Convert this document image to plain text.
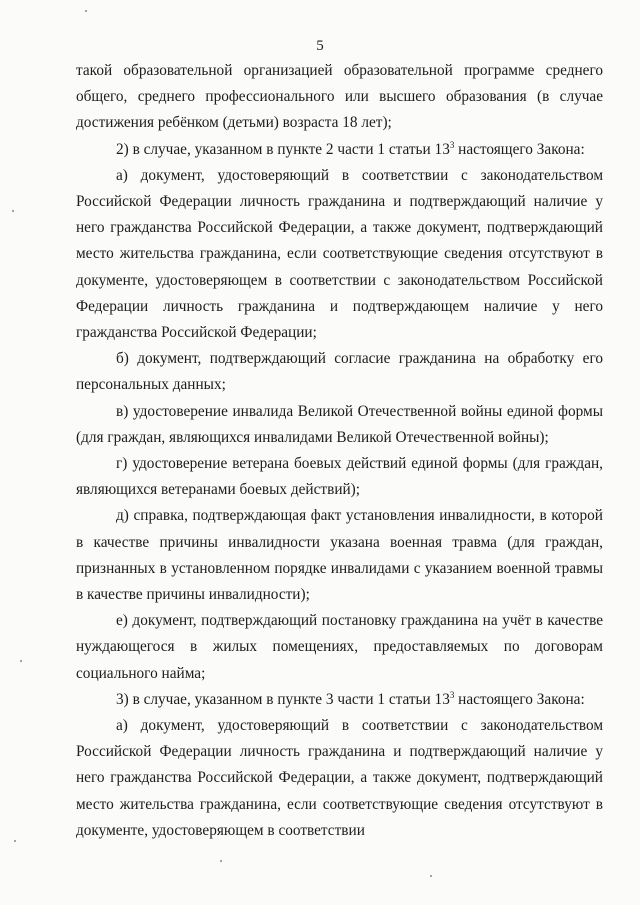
5

такой образовательной организацией образовательной программе среднего общего, среднего профессионального или высшего образования (в случае достижения ребёнком (детьми) возраста 18 лет);

2) в случае, указанном в пункте 2 части 1 статьи $13^3$ настоящего Закона:

а) документ, удостоверяющий в соответствии с законодательством Российской Федерации личность гражданина и подтверждающий наличие у него гражданства Российской Федерации, а также документ, подтверждающий место жительства гражданина, если соответствующие сведения отсутствуют в документе, удостоверяющем в соответствии с законодательством Российской Федерации личность гражданина и подтверждающем наличие у него гражданства Российской Федерации;

б) документ, подтверждающий согласие гражданина на обработку его персональных данных;

в) удостоверение инвалида Великой Отечественной войны единой формы (для граждан, являющихся инвалидами Великой Отечественной войны);

г) удостоверение ветерана боевых действий единой формы (для граждан, являющихся ветеранами боевых действий);

д) справка, подтверждающая факт установления инвалидности, в которой в качестве причины инвалидности указана военная травма (для граждан, признанных в установленном порядке инвалидами с указанием военной травмы в качестве причины инвалидности);

е) документ, подтверждающий постановку гражданина на учёт в качестве нуждающегося в жилых помещениях, предоставляемых по договорам социального найма;

3) в случае, указанном в пункте 3 части 1 статьи $13^3$ настоящего Закона:

а) документ, удостоверяющий в соответствии с законодательством Российской Федерации личность гражданина и подтверждающий наличие у него гражданства Российской Федерации, а также документ, подтверждающий место жительства гражданина, если соответствующие сведения отсутствуют в документе, удостоверяющем в соответствии
